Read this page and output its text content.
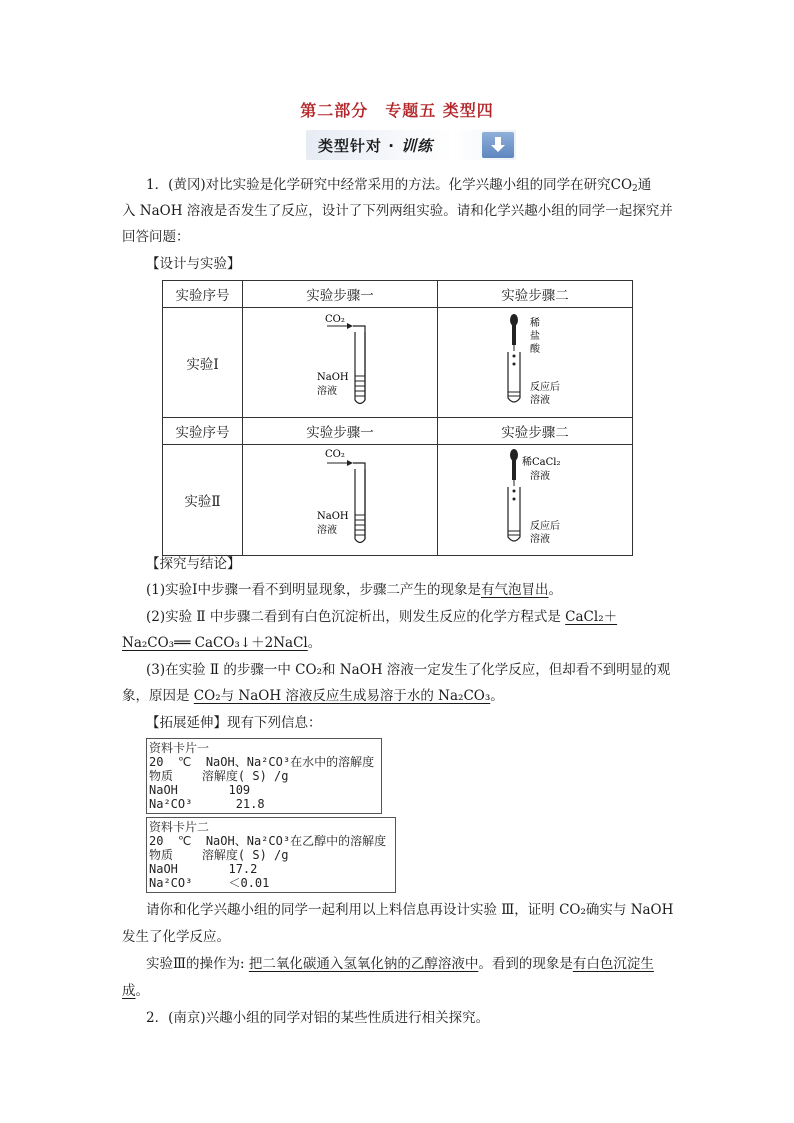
第二部分　专题五 类型四
类型针对 · 训练
1．(黄冈)对比实验是化学研究中经常采用的方法。化学兴趣小组的同学在研究$CO_2$通
入 NaOH 溶液是否发生了反应，设计了下列两组实验。请和化学兴趣小组的同学一起探究并
回答问题：
【设计与实验】
实验序号	实验步骤一	实验步骤二
实验Ⅰ	CO₂
NaOH
溶液	稀
盐
酸
反应后
溶液

实验序号	实验步骤一	实验步骤二
实验Ⅱ	CO₂
NaOH
溶液	稀CaCl₂
溶液
反应后
溶液
【探究与结论】
(1)实验Ⅰ中步骤一看不到明显现象，步骤二产生的现象是有气泡冒出。
(2)实验 Ⅱ 中步骤二看到有白色沉淀析出，则发生反应的化学方程式是 CaCl₂＋
Na₂CO₃══ CaCO₃↓＋2NaCl。
(3)在实验 Ⅱ 的步骤一中 CO₂和 NaOH 溶液一定发生了化学反应，但却看不到明显的观
象，原因是 CO₂与 NaOH 溶液反应生成易溶于水的 Na₂CO₃。
【拓展延伸】现有下列信息：
资料卡片一
20  ℃  NaOH、Na²CO³在水中的溶解度
物质    溶解度( S) /g
NaOH       109
Na²CO³      21.8
资料卡片二
20  ℃  NaOH、Na²CO³在乙醇中的溶解度
物质    溶解度( S) /g
NaOH       17.2
Na²CO³     ＜0.01
请你和化学兴趣小组的同学一起利用以上料信息再设计实验 Ⅲ，证明 CO₂确实与 NaOH
发生了化学反应。
实验Ⅲ的操作为: 把二氧化碳通入氢氧化钠的乙醇溶液中。看到的现象是有白色沉淀生
成。
2．(南京)兴趣小组的同学对铝的某些性质进行相关探究。
